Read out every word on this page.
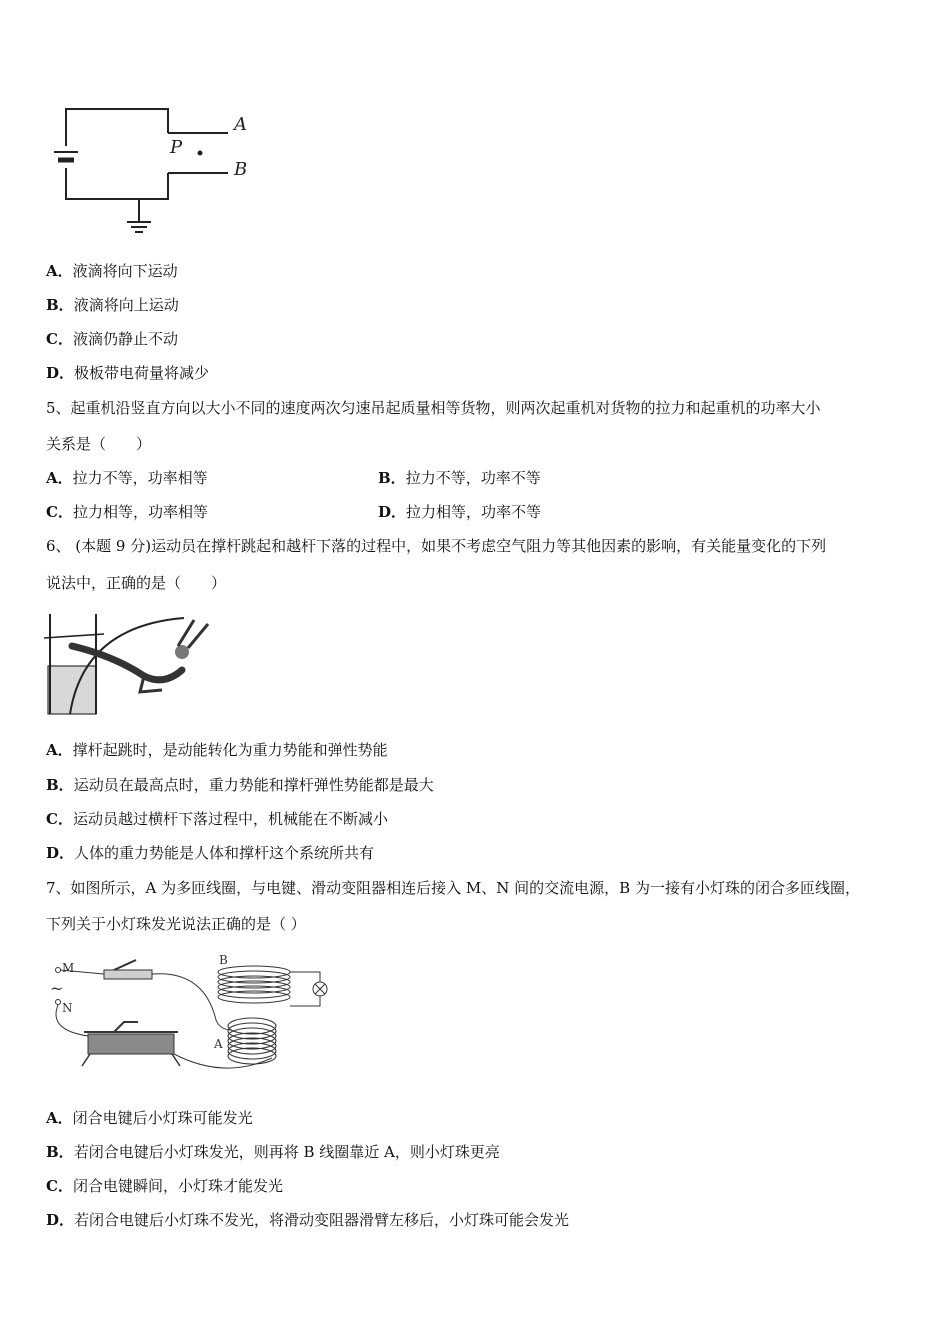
P
A
B
A．液滴将向下运动
B．液滴将向上运动
C．液滴仍静止不动
D．极板带电荷量将减少
5、起重机沿竖直方向以大小不同的速度两次匀速吊起质量相等货物，则两次起重机对货物的拉力和起重机的功率大小
关系是（　　）
A．拉力不等，功率相等	B．拉力不等，功率不等
C．拉力相等，功率相等	D．拉力相等，功率不等
6、 (本题 9 分)运动员在撑杆跳起和越杆下落的过程中，如果不考虑空气阻力等其他因素的影响，有关能量变化的下列
说法中，正确的是（　　）
A．撑杆起跳时，是动能转化为重力势能和弹性势能
B．运动员在最高点时，重力势能和撑杆弹性势能都是最大
C．运动员越过横杆下落过程中，机械能在不断减小
D．人体的重力势能是人体和撑杆这个系统所共有
7、如图所示，A 为多匝线圈，与电键、滑动变阻器相连后接入 M、N 间的交流电源，B 为一接有小灯珠的闭合多匝线圈，
下列关于小灯珠发光说法正确的是（ ）
M
N
~
A
B
A．闭合电键后小灯珠可能发光
B．若闭合电键后小灯珠发光，则再将 B 线圈靠近 A，则小灯珠更亮
C．闭合电键瞬间，小灯珠才能发光
D．若闭合电键后小灯珠不发光，将滑动变阻器滑臂左移后，小灯珠可能会发光
